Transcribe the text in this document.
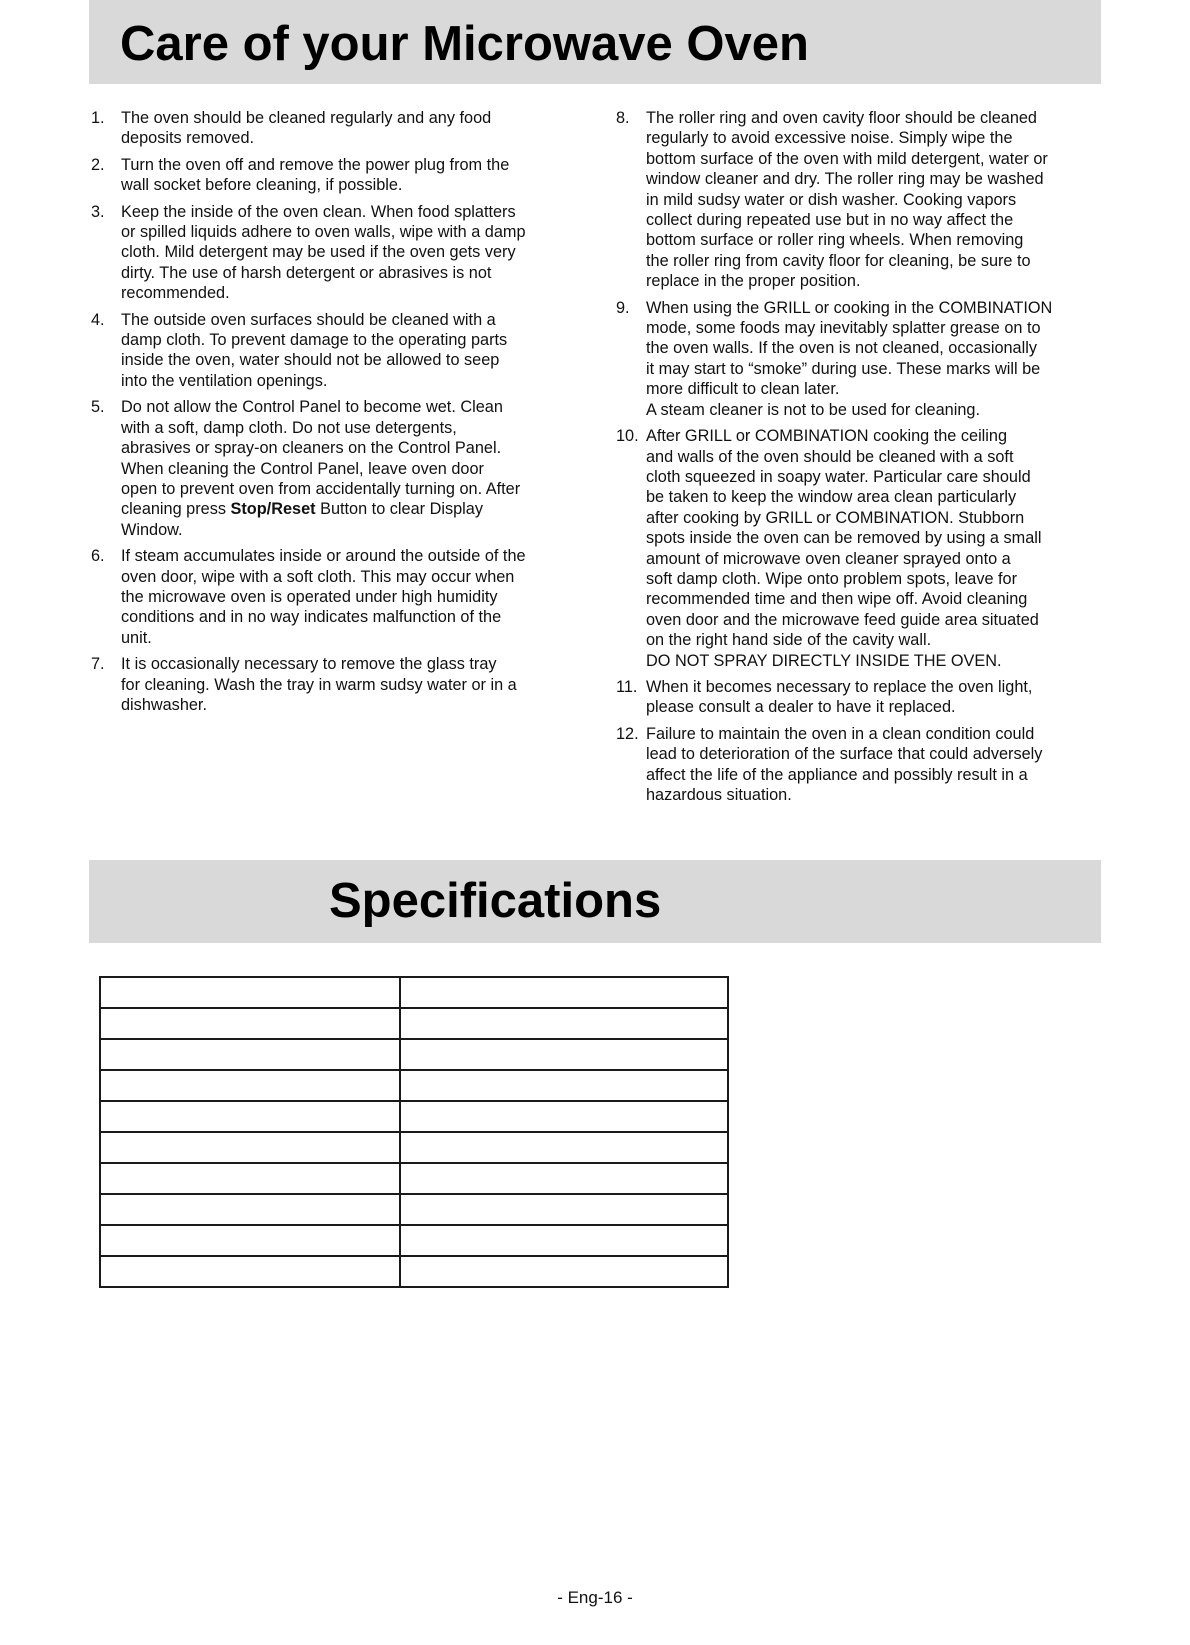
Care of your Microwave Oven
1.	The oven should be cleaned regularly and any food
deposits removed.
2.	Turn the oven off and remove the power plug from the
wall socket before cleaning, if possible.
3.	Keep the inside of the oven clean. When food splatters
or spilled liquids adhere to oven walls, wipe with a damp
cloth. Mild detergent may be used if the oven gets very
dirty. The use of harsh detergent or abrasives is not
recommended.
4.	The outside oven surfaces should be cleaned with a
damp cloth. To prevent damage to the operating parts
inside the oven, water should not be allowed to seep
into the ventilation openings.
5.	Do not allow the Control Panel to become wet. Clean
with a soft, damp cloth. Do not use detergents,
abrasives or spray-on cleaners on the Control Panel.
When cleaning the Control Panel, leave oven door
open to prevent oven from accidentally turning on. After
cleaning press Stop/Reset Button to clear Display
Window.
6.	If steam accumulates inside or around the outside of the
oven door, wipe with a soft cloth. This may occur when
the microwave oven is operated under high humidity
conditions and in no way indicates malfunction of the
unit.
7.	It is occasionally necessary to remove the glass tray
for cleaning. Wash the tray in warm sudsy water or in a
dishwasher.
8.	The roller ring and oven cavity floor should be cleaned
regularly to avoid excessive noise. Simply wipe the
bottom surface of the oven with mild detergent, water or
window cleaner and dry. The roller ring may be washed
in mild sudsy water or dish washer. Cooking vapors
collect during repeated use but in no way affect the
bottom surface or roller ring wheels. When removing
the roller ring from cavity floor for cleaning, be sure to
replace in the proper position.
9.	When using the GRILL or cooking in the COMBINATION
mode, some foods may inevitably splatter grease on to
the oven walls. If the oven is not cleaned, occasionally
it may start to “smoke” during use. These marks will be
more difficult to clean later.
A steam cleaner is not to be used for cleaning.
10. After GRILL or COMBINATION cooking the ceiling
and walls of the oven should be cleaned with a soft
cloth squeezed in soapy water. Particular care should
be taken to keep the window area clean particularly
after cooking by GRILL or COMBINATION. Stubborn
spots inside the oven can be removed by using a small
amount of microwave oven cleaner sprayed onto a
soft damp cloth. Wipe onto problem spots, leave for
recommended time and then wipe off. Avoid cleaning
oven door and the microwave feed guide area situated
on the right hand side of the cavity wall.
DO NOT SPRAY DIRECTLY INSIDE THE OVEN.
11. When it becomes necessary to replace the oven light,
please consult a dealer to have it replaced.
12. Failure to maintain the oven in a clean condition could
lead to deterioration of the surface that could adversely
affect the life of the appliance and possibly result in a
hazardous situation.
Specifications

- Eng-16 -
